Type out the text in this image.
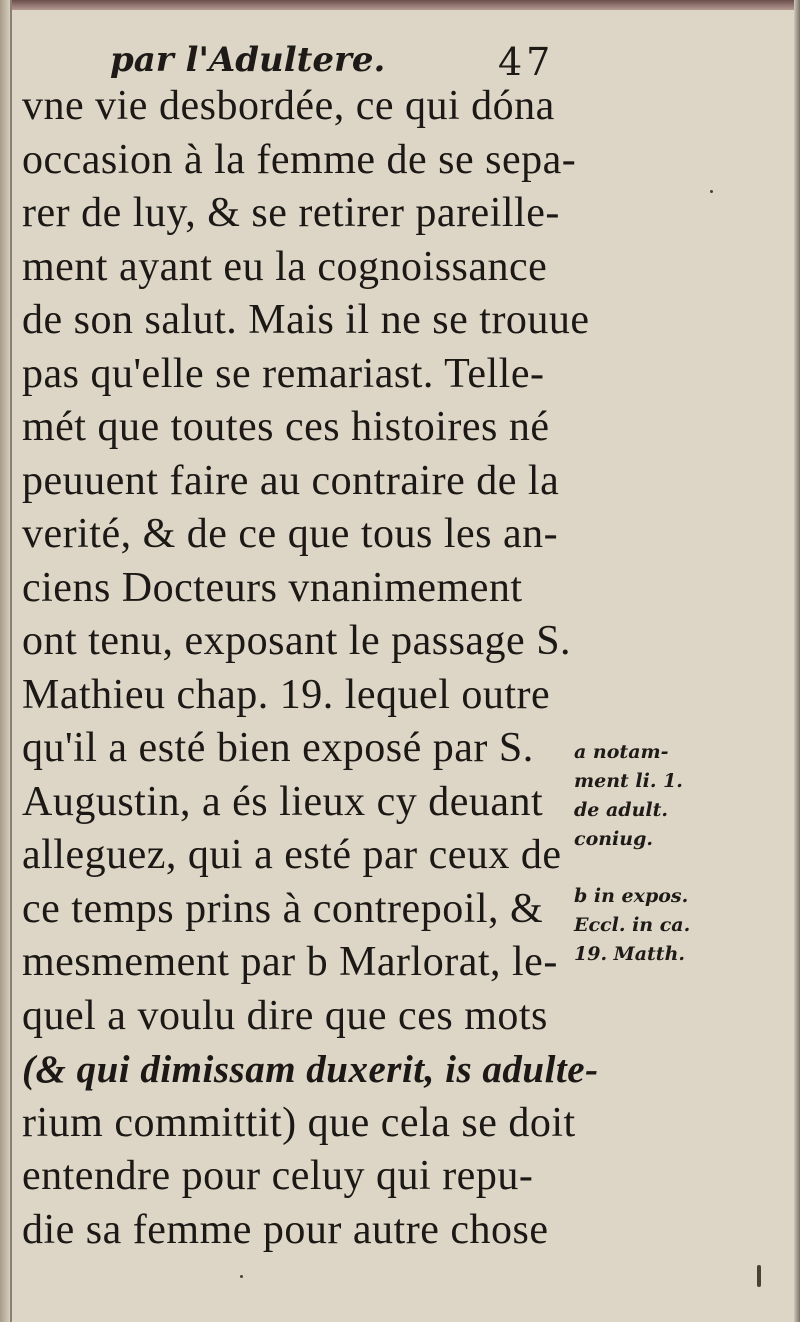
par l'Adultere.	47
vne vie desbordée, ce qui dóna
occasion à la femme de se sepa-
rer de luy, & se retirer pareille-
ment ayant eu la cognoissance
de son salut. Mais il ne se trouue
pas qu'elle se remariast. Telle-
mét que toutes ces histoires né
peuuent faire au contraire de la
verité, & de ce que tous les an-
ciens Docteurs vnanimement
ont tenu, exposant le passage S.
Mathieu chap. 19. lequel outre
qu'il a esté bien exposé par S.
Augustin, a és lieux cy deuant
alleguez, qui a esté par ceux de
ce temps prins à contrepoil, &
mesmement par b Marlorat, le-
quel a voulu dire que ces mots
(& qui dimissam duxerit, is adulte-
rium committit) que cela se doit
entendre pour celuy qui repu-
die sa femme pour autre chose
a notam-
ment li. 1.
de adult.
coniug.
b in expos.
Eccl. in ca.
19. Matth.
